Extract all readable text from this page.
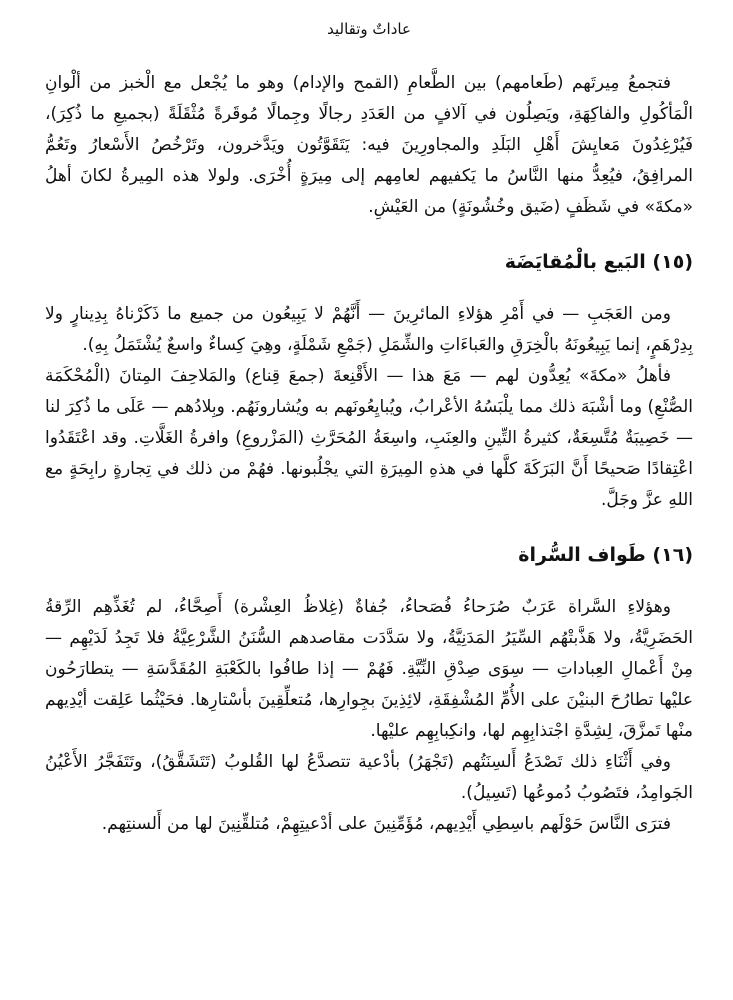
عاداتٌ وتقاليد

فتجمعُ مِيرتَهم (طَعامهم) بين الطَّعامِ (القمح والإدام) وهو ما يُجْعل مع الْخبز من ألْوانِ الْمَأكُولِ والفاكِهَةِ، ويَصِلُون في آلافٍ من العَدَدِ رجالًا وجِمالًا مُوقَرةً مُثْقَلَةً (بجميعِ ما ذُكِرَ)، فَيُرْغِدُونَ مَعايِشَ أَهْلِ البَلَدِ والمجاورِينَ فيه: يَتَقَوَّتُون ويَدَّخرون، وتَرْخُصُ الأَسْعارُ وتَعُمُّ المرافِقُ، فيُعِدُّ منها النَّاسُ ما يَكفيهم لعامِهم إلى مِيرَةٍ أُخْرَى. ولولا هذه المِيرةُ لكانَ أهلُ «مكةَ» في شَظَفٍ (ضَيق وخُشُونَةٍ) من العَيْشِ.

(١٥) البَيع بالْمُقايَضَة

ومن العَجَبِ — في أَمْرِ هؤلاءِ المائرِينَ — أَنَّهُمْ لا يَبِيعُون من جميع ما ذَكَرْناهُ بِدِينارٍ ولا بِدِرْهَمٍ، إنما يَبِيعُونَهُ بالْخِرَقِ والعَباءَاتِ والشِّمَلِ (جَمْعِ شَمْلَةٍ، وهِيَ كِساءٌ واسعٌ يُشْتَمَلُ بِهِ).

فأهلُ «مكةَ» يُعِدُّون لهم — مَعَ هذا — الأَقْنِعةَ (جمعَ قِناع) والمَلاحِفَ المِتانَ (الْمُحْكَمَة الصُّنْعِ) وما أشْبَهَ ذلك مما يلْبَسُهُ الأعْرابُ، ويُبايِعُونَهم به ويُشارونَهُم. وبِلادُهم — عَلَى ما ذُكِرَ لنا — خَصِيبَةٌ مُتَّسِعَةٌ، كثيرةُ التِّينِ والعِنَبِ، واسِعَةُ المُحَرَّثِ (المَزْروعِ) وافرةُ الغَلَّاتِ. وقد اعْتَقَدُوا اعْتِقادًا صَحيحًا أَنَّ البَرَكَةَ كلَّها في هذهِ المِيرَةِ التي يجْلُبونها. فهُمْ من ذلك في تِجارةٍ رابِحَةٍ مع اللهِ عزَّ وجَلَّ.

(١٦) طَواف السُّراة

وهؤلاءِ السَّراة عَرَبٌ صُرَحاءُ فُصَحاءُ، جُفاةٌ (غِلاظُ العِشْرة) أَصِحَّاءُ، لم تُغَذِّهِم الرِّقةُ الحَضَرِيَّةُ، ولا هَذَّبتْهُم السِّيَرُ المَدَنِيَّةُ، ولا سَدَّدَت مقاصدهم السُّنَنُ الشَّرْعِيَّةُ فلا تَجِدُ لَدَيْهِم — مِنْ أَعْمالِ العِباداتِ — سِوَى صِدْقِ النِّيَّةِ. فَهُمْ — إذا طافُوا بالكَعْبَةِ المُقَدَّسَةِ — يتطارَحُون عليْها تطارُحَ البنيْنَ على الأُمِّ المُشْفِقَةِ، لائِذِينَ بجِوارِها، مُتعلِّقِينَ بأسْتارِها. فحَيْثُما عَلِقت أيْدِيهم منْها تَمزَّقَ، لِشِدَّةِ اجْتذابِهِم لها، وانكِبابِهِم عليْها.

وفي أَثْنَاءِ ذلك تَصْدَعُ أَلسِنَتُهم (تَجْهَرُ) بأدْعية تتصدَّعُ لها القُلوبُ (تَتَشَقَّقُ)، وتَتَفَجَّرُ الأَعْيُنُ الجَوامِدُ، فتَصُوبُ دُموعُها (تَسِيلُ).

فترَى النَّاسَ حَوْلَهم باسِطِي أَيْدِيهم، مُؤَمِّنِينَ على أدْعيتِهِمْ، مُتلقِّنِينَ لها من أَلسنتِهم.
